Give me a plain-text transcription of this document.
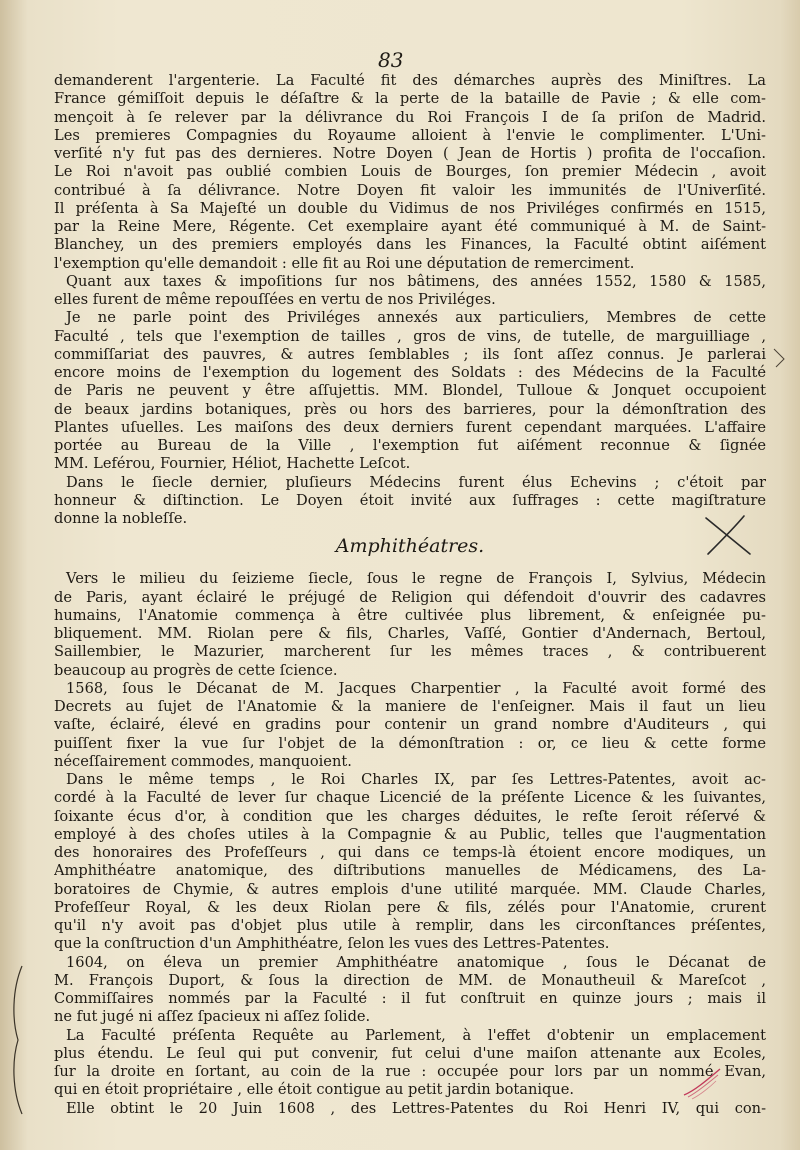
83
demanderent l'argenterie. La Faculté fit des démarches auprès des Miniſtres. La
France gémiſſoit depuis le déſaſtre & la perte de la bataille de Pavie ; & elle com-
mençoit à ſe relever par la délivrance du Roi François I de ſa priſon de Madrid.
Les premieres Compagnies du Royaume alloient à l'envie le complimenter. L'Uni-
verſité n'y fut pas des dernieres. Notre Doyen ( Jean de Hortis ) profita de l'occaſion.
Le Roi n'avoit pas oublié combien Louis de Bourges, ſon premier Médecin , avoit
contribué à ſa délivrance. Notre Doyen fit valoir les immunités de l'Univerſité.
Il préſenta à Sa Majeſté un double du Vidimus de nos Priviléges confirmés en 1515,
par la Reine Mere, Régente. Cet exemplaire ayant été communiqué à M. de Saint-
Blanchey, un des premiers employés dans les Finances, la Faculté obtint aiſément
l'exemption qu'elle demandoit : elle fit au Roi une députation de remerciment.
Quant aux taxes & impoſitions ſur nos bâtimens, des années 1552, 1580 & 1585,
elles furent de même repouſſées en vertu de nos Priviléges.
Je ne parle point des Priviléges annexés aux particuliers, Membres de cette
Faculté , tels que l'exemption de tailles , gros de vins, de tutelle, de marguilliage ,
commiſſariat des pauvres, & autres ſemblables ; ils ſont aſſez connus. Je parlerai
encore moins de l'exemption du logement des Soldats : des Médecins de la Faculté
de Paris ne peuvent y être aſſujettis. MM. Blondel, Tulloue & Jonquet occupoient
de beaux jardins botaniques, près ou hors des barrieres, pour la démonſtration des
Plantes uſuelles. Les maiſons des deux derniers furent cependant marquées. L'affaire
portée au Bureau de la Ville , l'exemption fut aiſément reconnue & ſignée
MM. Leférou, Fournier, Héliot, Hachette Leſcot.
Dans le ſiecle dernier, pluſieurs Médecins furent élus Echevins ; c'étoit par
honneur & diſtinction. Le Doyen étoit invité aux ſuffrages : cette magiſtrature
donne la nobleſſe.
Amphithéatres.
Vers le milieu du ſeizieme ſiecle, ſous le regne de François I, Sylvius, Médecin
de Paris, ayant éclairé le préjugé de Religion qui défendoit d'ouvrir des cadavres
humains, l'Anatomie commença à être cultivée plus librement, & enſeignée pu-
bliquement. MM. Riolan pere & fils, Charles, Vaſſé, Gontier d'Andernach, Bertoul,
Saillembier, le Mazurier, marcherent ſur les mêmes traces , & contribuerent
beaucoup au progrès de cette ſcience.
1568, ſous le Décanat de M. Jacques Charpentier , la Faculté avoit formé des
Decrets au ſujet de l'Anatomie & la maniere de l'enſeigner. Mais il faut un lieu
vaſte, éclairé, élevé en gradins pour contenir un grand nombre d'Auditeurs , qui
puiſſent fixer la vue ſur l'objet de la démonſtration : or, ce lieu & cette forme
néceſſairement commodes, manquoient.
Dans le même temps , le Roi Charles IX, par ſes Lettres-Patentes, avoit ac-
cordé à la Faculté de lever ſur chaque Licencié de la préſente Licence & les ſuivantes,
ſoixante écus d'or, à condition que les charges déduites, le reſte ſeroit réſervé &
employé à des choſes utiles à la Compagnie & au Public, telles que l'augmentation
des honoraires des Profeſſeurs , qui dans ce temps-là étoient encore modiques, un
Amphithéatre anatomique, des diſtributions manuelles de Médicamens, des La-
boratoires de Chymie, & autres emplois d'une utilité marquée. MM. Claude Charles,
Profeſſeur Royal, & les deux Riolan pere & fils, zélés pour l'Anatomie, crurent
qu'il n'y avoit pas d'objet plus utile à remplir, dans les circonſtances préſentes,
que la conſtruction d'un Amphithéatre, ſelon les vues des Lettres-Patentes.
1604, on éleva un premier Amphithéatre anatomique , ſous le Décanat de
M. François Duport, & ſous la direction de MM. de Monautheuil & Mareſcot ,
Commiſſaires nommés par la Faculté : il fut conſtruit en quinze jours ; mais il
ne fut jugé ni aſſez ſpacieux ni aſſez ſolide.
La Faculté préſenta Requête au Parlement, à l'effet d'obtenir un emplacement
plus étendu. Le ſeul qui put convenir, fut celui d'une maiſon attenante aux Ecoles,
ſur la droite en ſortant, au coin de la rue : occupée pour lors par un nommé Evan,
qui en étoit propriétaire , elle étoit contigue au petit jardin botanique.
Elle obtint le 20 Juin 1608 , des Lettres-Patentes du Roi Henri IV, qui con-
